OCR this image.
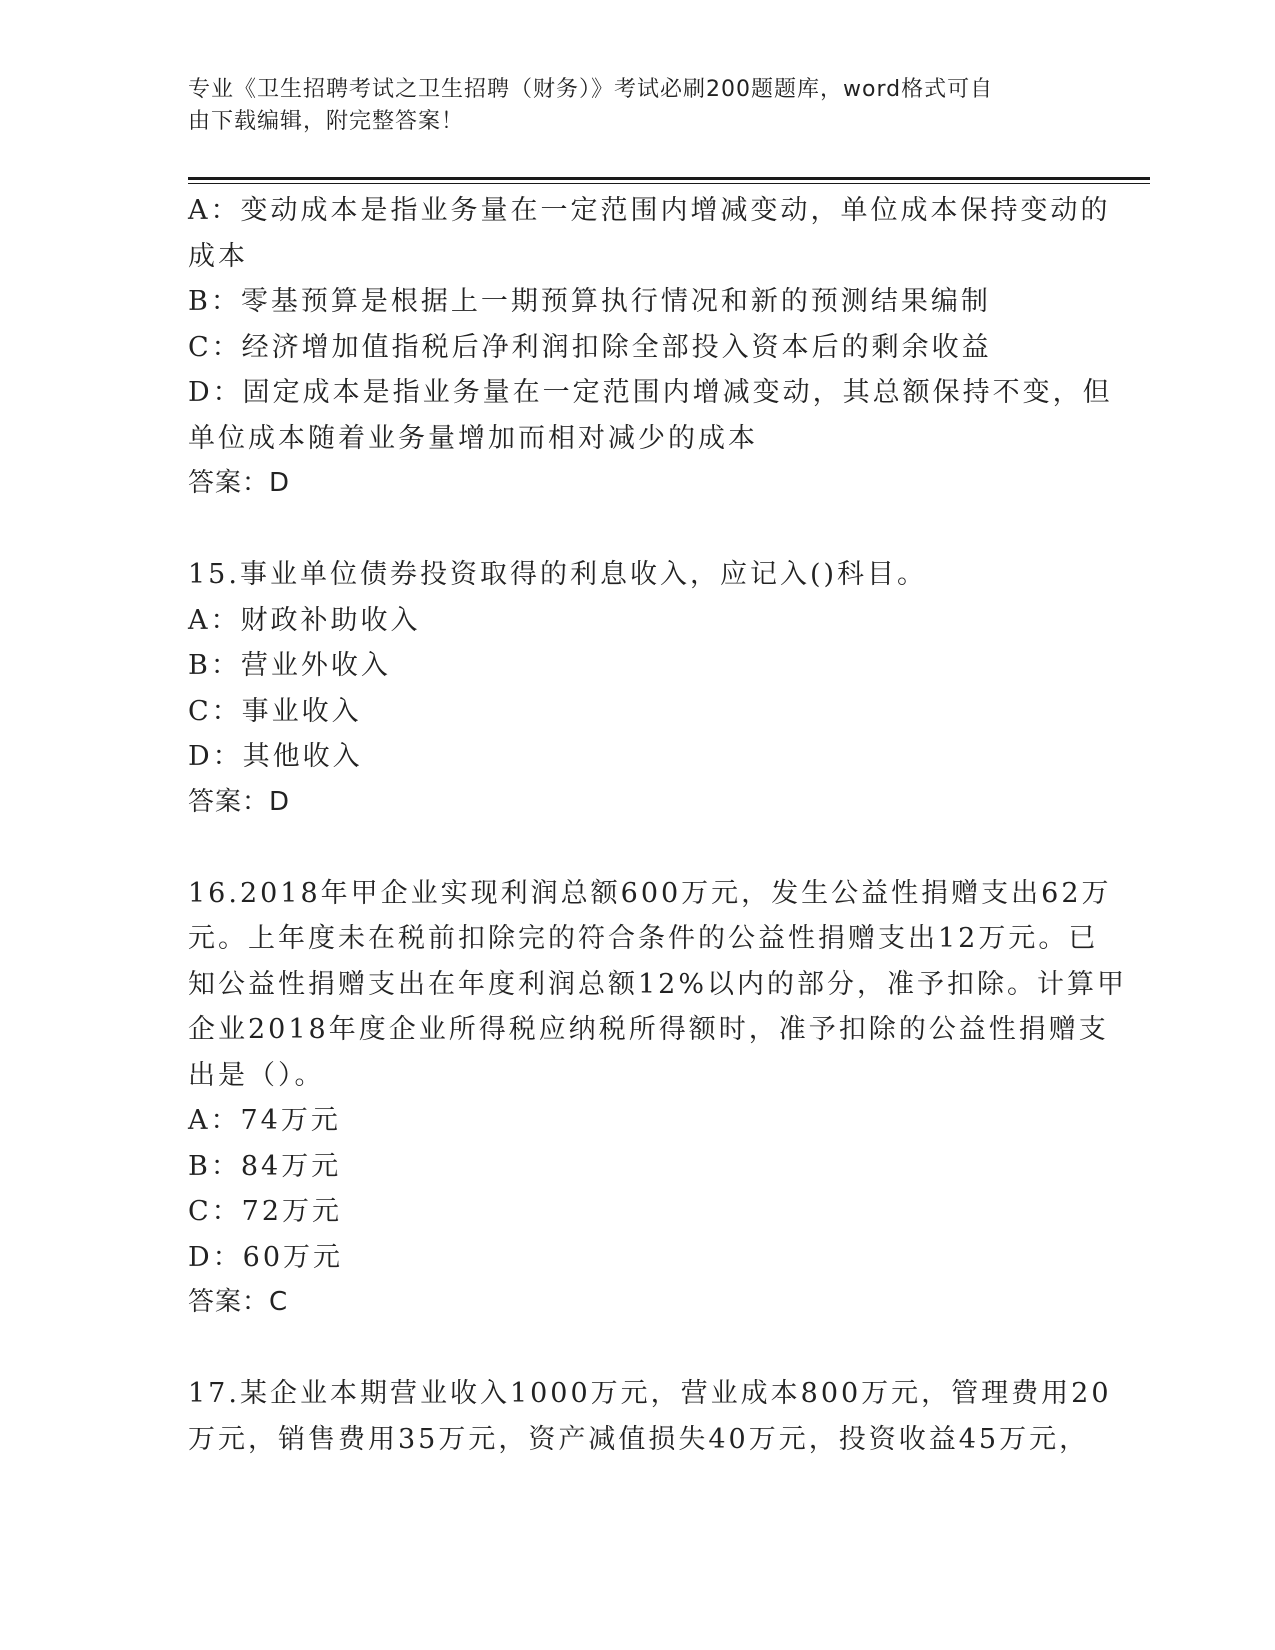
专业《卫生招聘考试之卫生招聘（财务）》考试必刷200题题库，word格式可自
由下载编辑，附完整答案！
A：变动成本是指业务量在一定范围内增减变动，单位成本保持变动的
成本
B：零基预算是根据上一期预算执行情况和新的预测结果编制
C：经济增加值指税后净利润扣除全部投入资本后的剩余收益
D：固定成本是指业务量在一定范围内增减变动，其总额保持不变，但
单位成本随着业务量增加而相对减少的成本
答案：D
15.事业单位债券投资取得的利息收入，应记入()科目。
A：财政补助收入
B：营业外收入
C：事业收入
D：其他收入
答案：D
16.2018年甲企业实现利润总额600万元，发生公益性捐赠支出62万
元。上年度未在税前扣除完的符合条件的公益性捐赠支出12万元。已
知公益性捐赠支出在年度利润总额12%以内的部分，准予扣除。计算甲
企业2018年度企业所得税应纳税所得额时，准予扣除的公益性捐赠支
出是（）。
A：74万元
B：84万元
C：72万元
D：60万元
答案：C
17.某企业本期营业收入1000万元，营业成本800万元，管理费用20
万元，销售费用35万元，资产减值损失40万元，投资收益45万元，
